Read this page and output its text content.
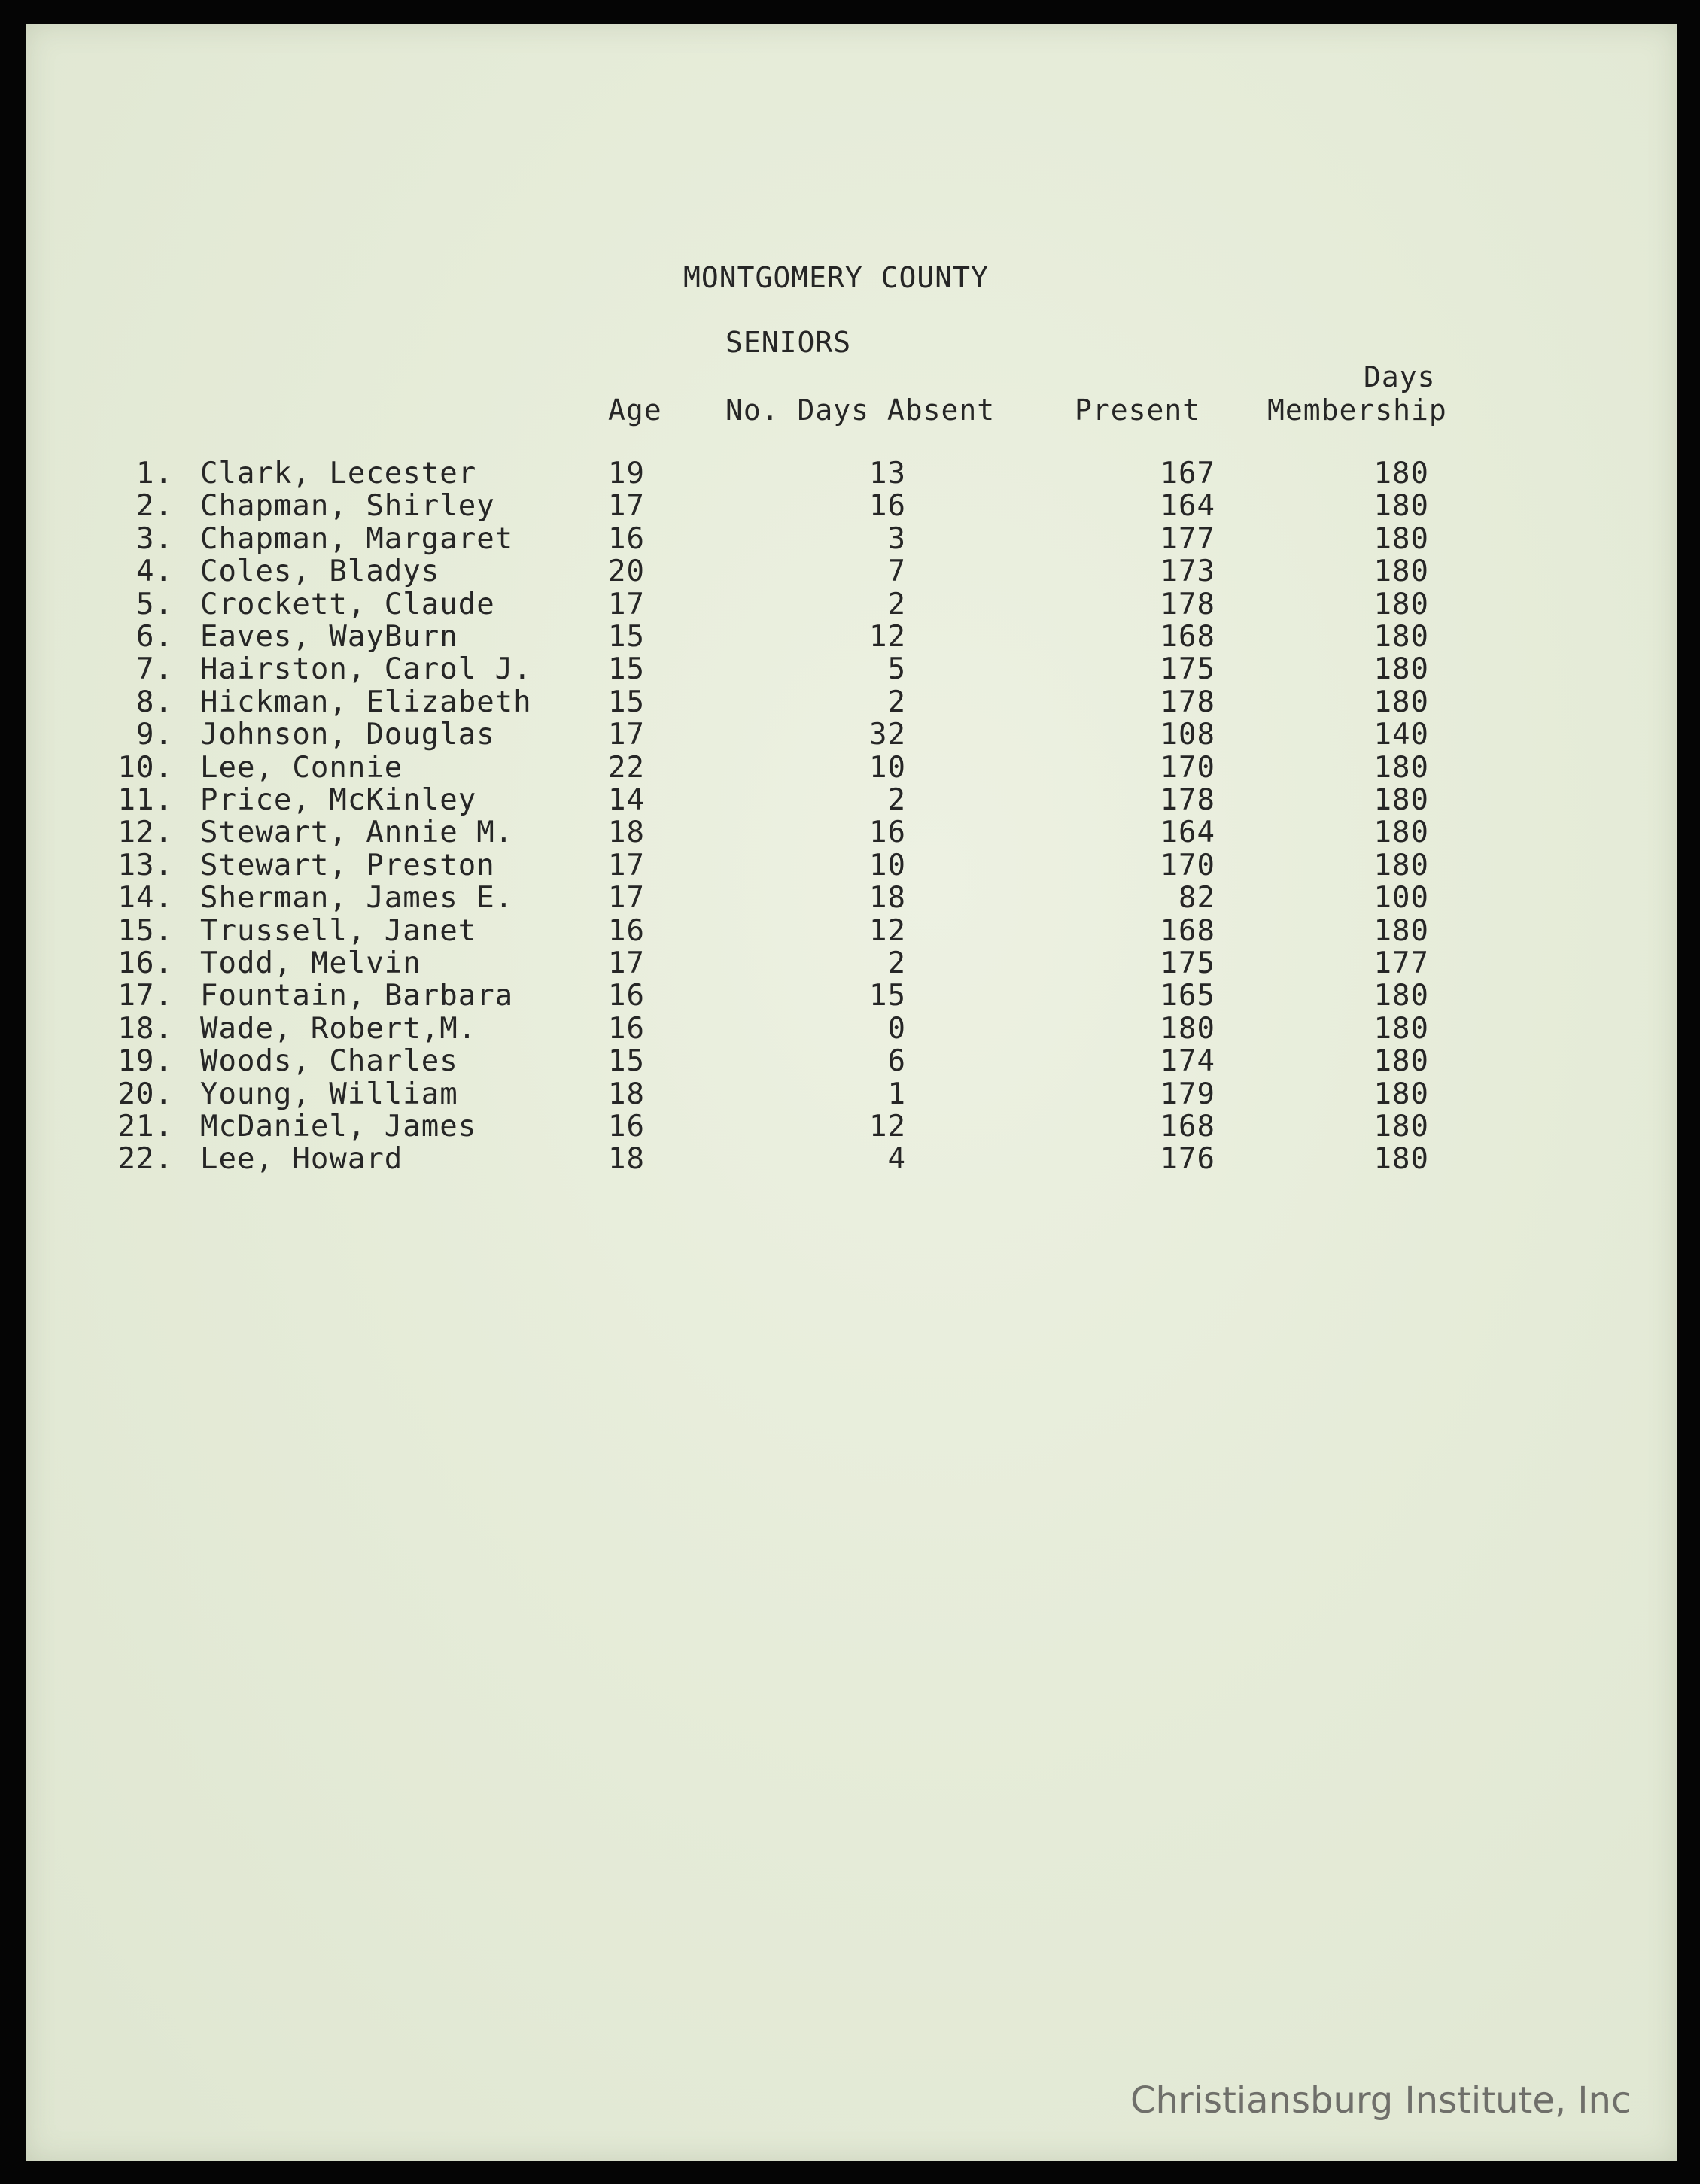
MONTGOMERY COUNTY
SENIORS
Age No. Days Absent	Present
Days
Membership
1. Clark, Lecester	19	13	167	180
2. Chapman, Shirley	17	16	164	180
3. Chapman, Margaret	16	3	177	180
4. Coles, Bladys	20	7	173	180
5. Crockett, Claude	17	2	178	180
6. Eaves, WayBurn	15	12	168	180
7. Hairston, Carol J.	15	5	175	180
8. Hickman, Elizabeth	15	2	178	180
9. Johnson, Douglas	17	32	108	140
10. Lee, Connie	22	10	170	180
11. Price, McKinley	14	2	178	180
12. Stewart, Annie M.	18	16	164	180
13. Stewart, Preston	17	10	170	180
14. Sherman, James E.	17	18	82	100
15. Trussell, Janet	16	12	168	180
16. Todd, Melvin	17	2	175	177
17. Fountain, Barbara	16	15	165	180
18. Wade, Robert,M.	16	0	180	180
19. Woods, Charles	15	6	174	180
20. Young, William	18	1	179	180
21. McDaniel, James	16	12	168	180
22. Lee, Howard	18	4	176	180
Christiansburg Institute, Inc
